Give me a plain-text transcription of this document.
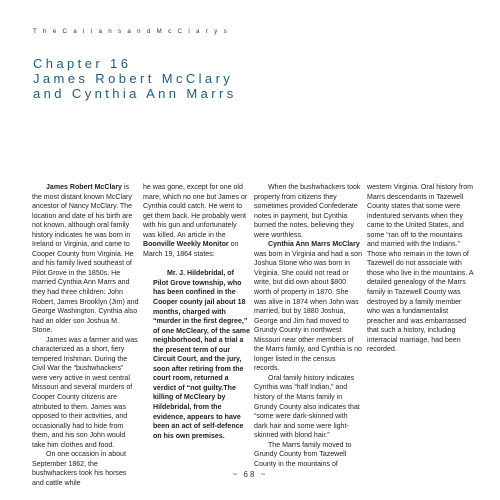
T h e C a l l a n s a n d M c C l a r y s
Chapter 16
James Robert McClary
and Cynthia Ann Marrs

James Robert McClary is the most distant known McClary ancestor of Nancy McClary. The location and date of his birth are not known, although oral family history indicates he was born in Ireland or Virginia, and came to Cooper County from Virginia. He and his family lived southeast of Pilot Grove in the 1850s. He married Cynthia Ann Marrs and they had three children: John Robert, James Brooklyn (Jim) and George Washington. Cynthia also had an older son Joshua M. Stone.

James was a farmer and was characterized as a short, fiery tempered Irishman. During the Civil War the “bushwhackers” were very active in west central Missouri and several murders of Cooper County citizens are attributed to them. James was opposed to their activities, and occasionally had to hide from them, and his son John would take him clothes and food.

On one occasion in about September 1862, the bushwhackers took his horses and cattle while

he was gone, except for one old mare, which no one but James or Cynthia could catch. He went to get them back. He probably went with his gun and unfortunately was killed. An article in the Boonville Weekly Monitor on March 19, 1864 states:

Mr. J. Hildebridal, of Pilot Grove township, who has been confined in the Cooper county jail about 18 months, charged with “murder in the first degree,” of one McCleary, of the same neighborhood, had a trial a the present term of our Circuit Court, and the jury, soon after retiring from the court room, returned a verdict of “not guilty.The killing of McCleary by Hildebridal, from the evidence, appears to have been an act of self-defence on his own premises.

When the bushwhackers took property from citizens they sometimes provided Confederate notes in payment, but Cynthia burned the notes, believing they were worthless.

Cynthia Ann Marrs McClary was born in Virginia and had a son Joshua Stone who was born in Virginia. She could not read or write, but did own about $800 worth of property in 1870. She was alive in 1874 when John was married, but by 1880 Joshua, George and Jim had moved to Grundy County in northwest Missouri near other members of the Marrs family, and Cynthia is no longer listed in the census records.

Oral family history indicates Cynthia was “half Indian,” and history of the Marrs family in Grundy County also indicates that “some were dark-skinned with dark hair and some were light-skinned with blond hair.”

The Marrs family moved to Grundy County from Tazewell County in the mountains of

western Virginia. Oral history from Marrs descendants in Tazewell County states that some were indentured servants when they came to the United States, and some “ran off to the mountains and married with the Indians.” Those who remain in the town of Tazewell do not associate with those who live in the mountains. A detailed genealogy of the Marrs family in Tazewell County was destroyed by a family member who was a fundamentalist preacher and was embarrassed that such a history, including interracial marriage, had been recorded.

~ 68 ~
